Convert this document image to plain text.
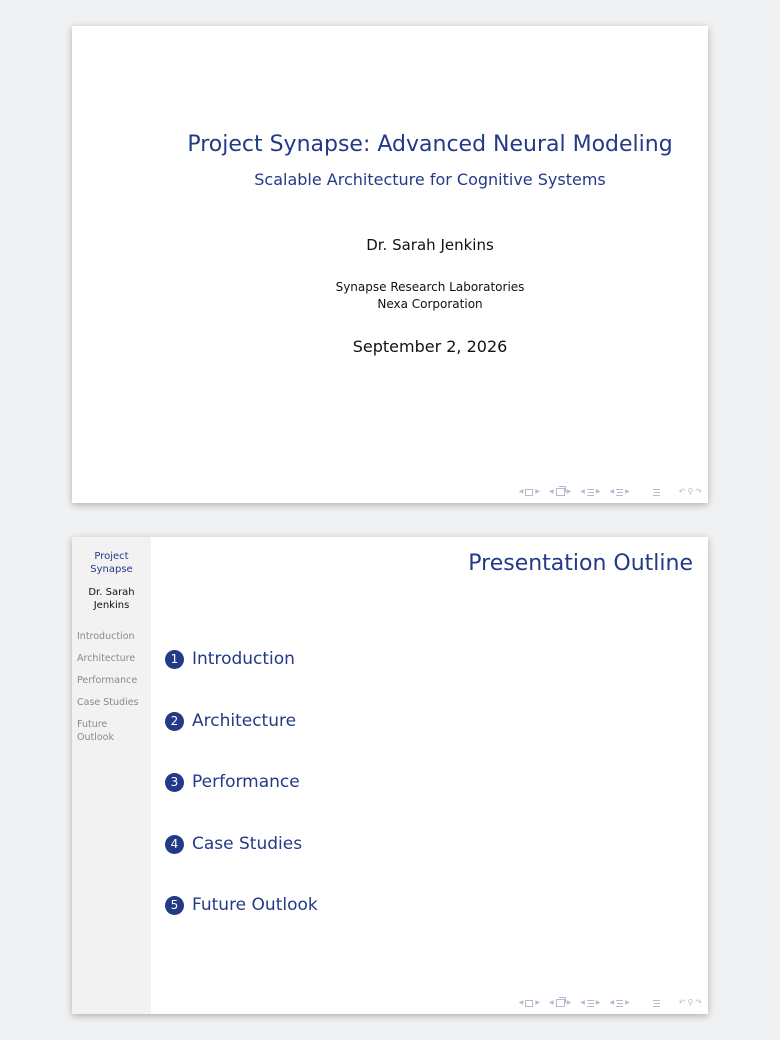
Project Synapse: Advanced Neural Modeling
Scalable Architecture for Cognitive Systems
Dr. Sarah Jenkins
Synapse Research Laboratories
Nexa Corporation
September 2, 2026
◀ ▶ ◀ ▶ ◀ ▶ ◀ ▶	↶ ⚲ ↷
Project
Synapse
Dr. Sarah
Jenkins
Introduction
Architecture
Performance
Case Studies
Future Outlook
Presentation Outline
1 Introduction
2 Architecture
3 Performance
4 Case Studies
5 Future Outlook
◀ ▶ ◀ ▶ ◀ ▶ ◀ ▶	↶ ⚲ ↷
